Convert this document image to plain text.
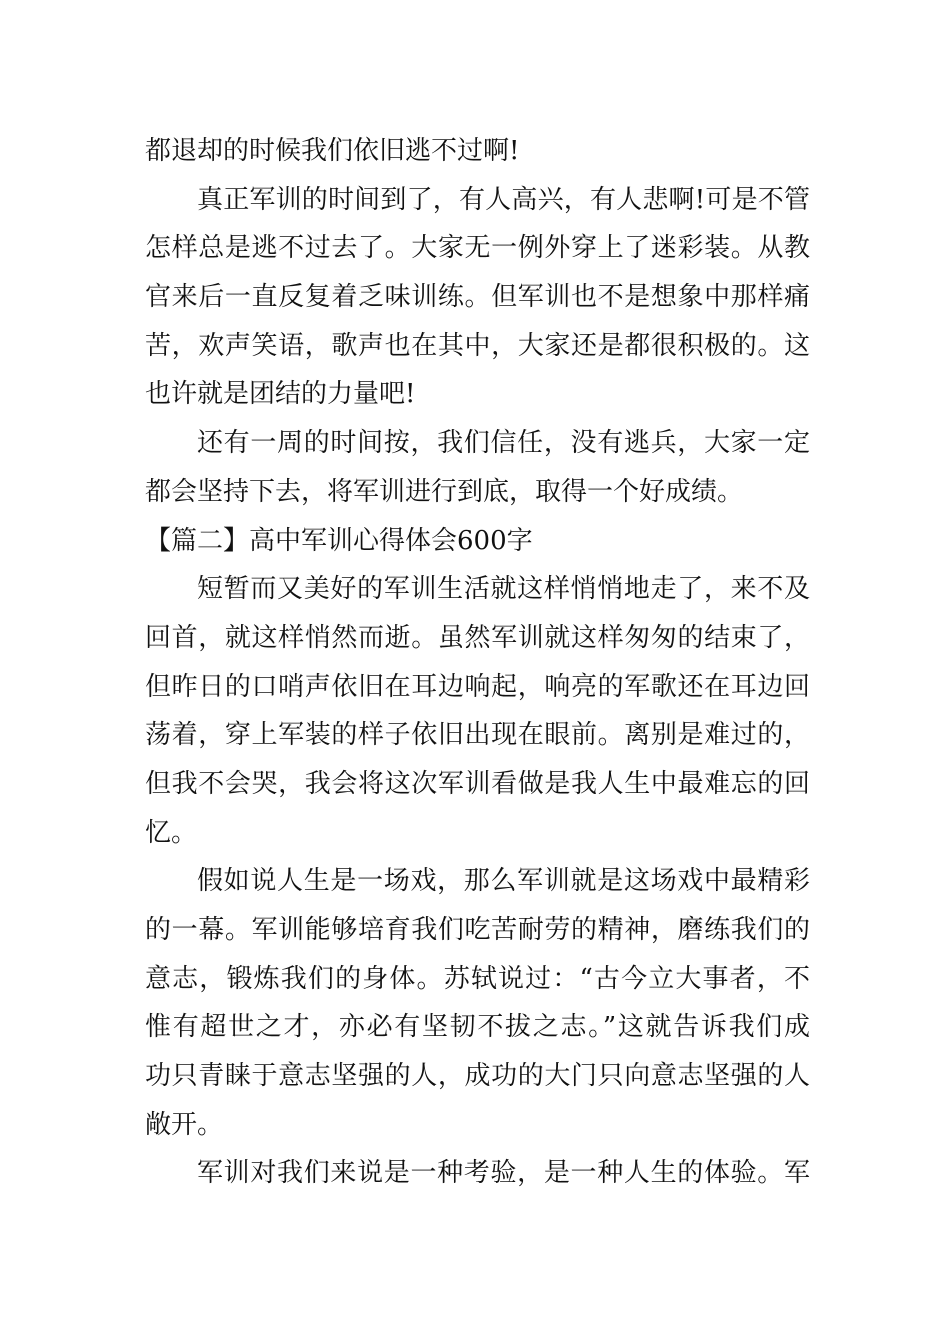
都退却的时候我们依旧逃不过啊!
真正军训的时间到了，有人高兴，有人悲啊!可是不管
怎样总是逃不过去了。大家无一例外穿上了迷彩装。从教
官来后一直反复着乏味训练。但军训也不是想象中那样痛
苦，欢声笑语，歌声也在其中，大家还是都很积极的。这
也许就是团结的力量吧!
还有一周的时间按，我们信任，没有逃兵，大家一定
都会坚持下去，将军训进行到底，取得一个好成绩。
【篇二】高中军训心得体会600字
短暂而又美好的军训生活就这样悄悄地走了，来不及
回首，就这样悄然而逝。虽然军训就这样匆匆的结束了，
但昨日的口哨声依旧在耳边响起，响亮的军歌还在耳边回
荡着，穿上军装的样子依旧出现在眼前。离别是难过的，
但我不会哭，我会将这次军训看做是我人生中最难忘的回
忆。
假如说人生是一场戏，那么军训就是这场戏中最精彩
的一幕。军训能够培育我们吃苦耐劳的精神，磨练我们的
意志，锻炼我们的身体。苏轼说过：“古今立大事者，不
惟有超世之才，亦必有坚韧不拔之志。”这就告诉我们成
功只青睐于意志坚强的人，成功的大门只向意志坚强的人
敞开。
军训对我们来说是一种考验，是一种人生的体验。军
